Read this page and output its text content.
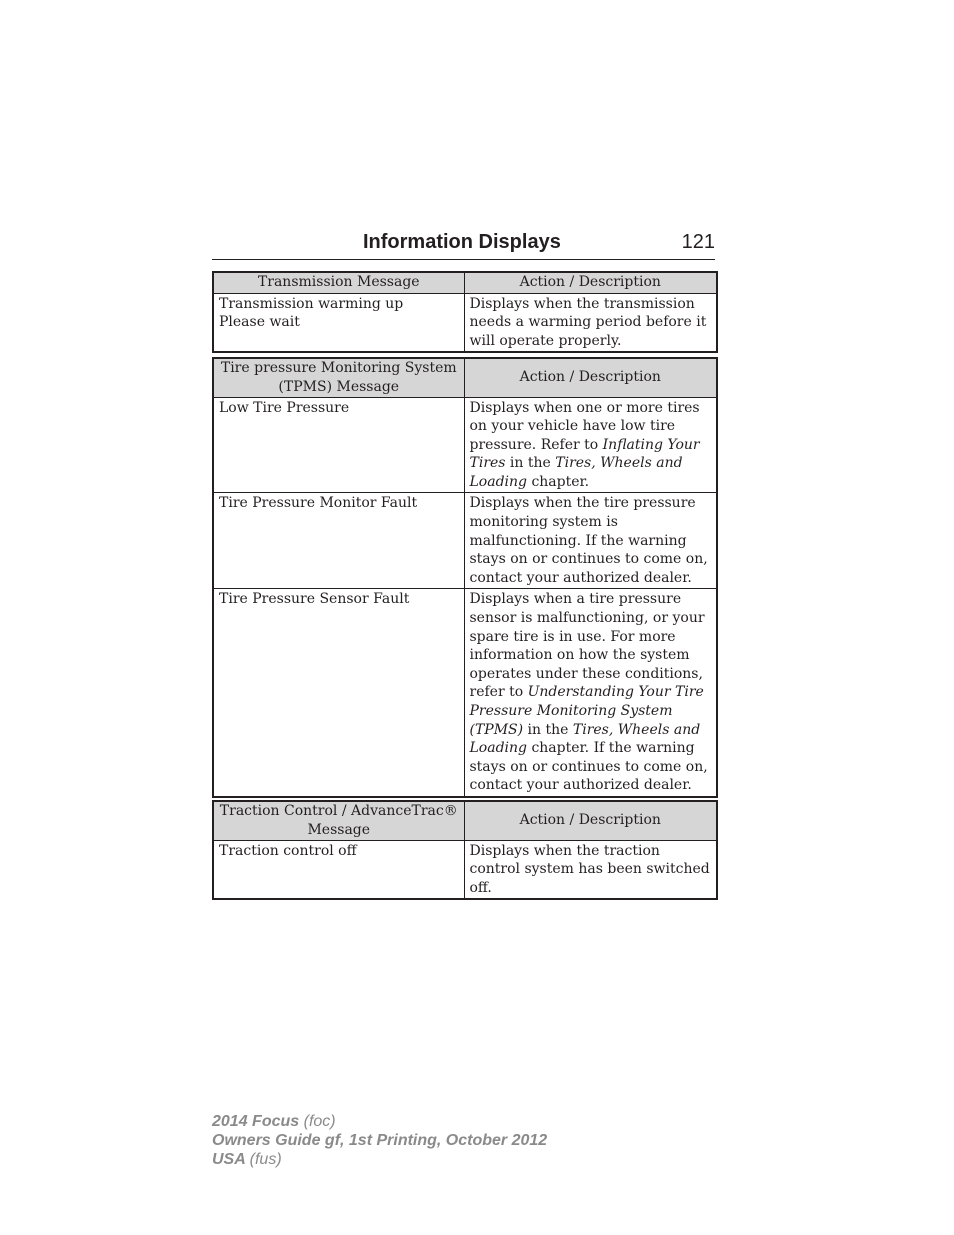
Information Displays	121
Transmission Message	Action / Description

Transmission warming up
Please wait	Displays when the transmission needs a warming period before it will operate properly.
Tire pressure Monitoring System (TPMS) Message	Action / Description
Low Tire Pressure	Displays when one or more tires on your vehicle have low tire pressure. Refer to Inflating Your Tires in the Tires, Wheels and Loading chapter.
Tire Pressure Monitor Fault	Displays when the tire pressure monitoring system is malfunctioning. If the warning stays on or continues to come on, contact your authorized dealer.
Tire Pressure Sensor Fault	Displays when a tire pressure sensor is malfunctioning, or your spare tire is in use. For more information on how the system operates under these conditions, refer to Understanding Your Tire Pressure Monitoring System (TPMS) in the Tires, Wheels and Loading chapter. If the warning stays on or continues to come on, contact your authorized dealer.
Traction Control / AdvanceTrac® Message	Action / Description
Traction control off	Displays when the traction control system has been switched off.
2014 Focus (foc)
Owners Guide gf, 1st Printing, October 2012
USA (fus)
